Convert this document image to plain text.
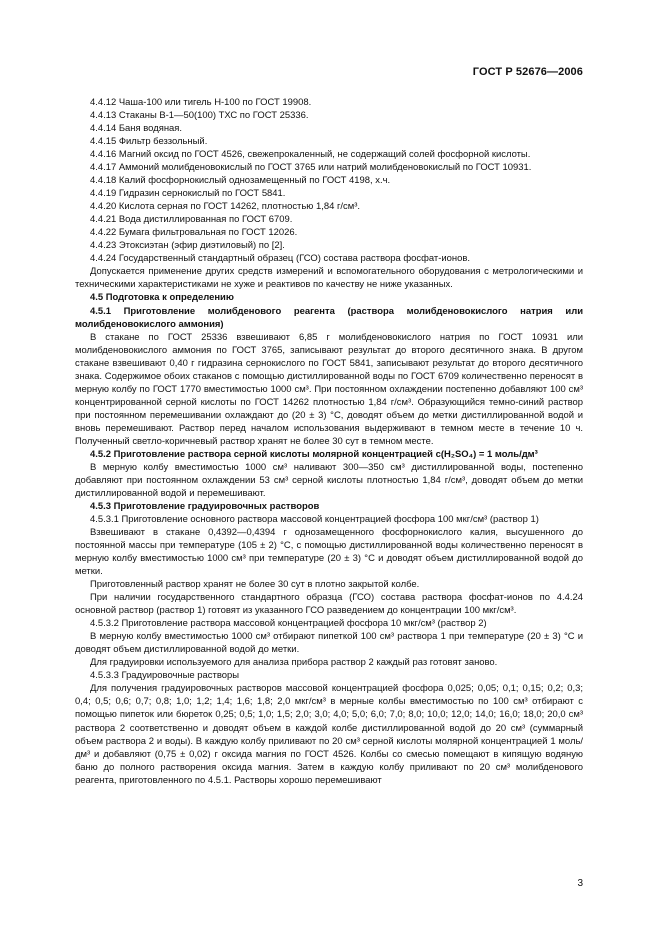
ГОСТ Р 52676—2006

4.4.12 Чаша-100 или тигель Н-100 по ГОСТ 19908.

4.4.13 Стаканы В-1—50(100) ТХС по ГОСТ 25336.

4.4.14 Баня водяная.

4.4.15 Фильтр беззольный.

4.4.16 Магний оксид по ГОСТ 4526, свежепрокаленный, не содержащий солей фосфорной кислоты.

4.4.17 Аммоний молибденовокислый по ГОСТ 3765 или натрий молибденовокислый по ГОСТ 10931.

4.4.18 Калий фосфорнокислый однозамещенный по ГОСТ 4198, х.ч.

4.4.19 Гидразин сернокислый по ГОСТ 5841.

4.4.20 Кислота серная по ГОСТ 14262, плотностью 1,84 г/см³.

4.4.21 Вода дистиллированная по ГОСТ 6709.

4.4.22 Бумага фильтровальная по ГОСТ 12026.

4.4.23 Этоксиэтан (эфир диэтиловый) по [2].

4.4.24 Государственный стандартный образец (ГСО) состава раствора фосфат-ионов.

Допускается применение других средств измерений и вспомогательного оборудования с метрологическими и техническими характеристиками не хуже и реактивов по качеству не ниже указанных.

4.5 Подготовка к определению

4.5.1 Приготовление молибденового реагента (раствора молибденовокислого натрия или молибденовокислого аммония)

В стакане по ГОСТ 25336 взвешивают 6,85 г молибденовокислого натрия по ГОСТ 10931 или молибденовокислого аммония по ГОСТ 3765, записывают результат до второго десятичного знака. В другом стакане взвешивают 0,40 г гидразина сернокислого по ГОСТ 5841, записывают результат до второго десятичного знака. Содержимое обоих стаканов с помощью дистиллированной воды по ГОСТ 6709 количественно переносят в мерную колбу по ГОСТ 1770 вместимостью 1000 см³. При постоянном охлаждении постепенно добавляют 100 см³ концентрированной серной кислоты по ГОСТ 14262 плотностью 1,84 г/см³. Образующийся темно-синий раствор при постоянном перемешивании охлаждают до (20 ± 3) °С, доводят объем до метки дистиллированной водой и вновь перемешивают. Раствор перед началом использования выдерживают в темном месте в течение 10 ч. Полученный светло-коричневый раствор хранят не более 30 сут в темном месте.

4.5.2 Приготовление раствора серной кислоты молярной концентрацией c(H₂SO₄) = 1 моль/дм³

В мерную колбу вместимостью 1000 см³ наливают 300—350 см³ дистиллированной воды, постепенно добавляют при постоянном охлаждении 53 см³ серной кислоты плотностью 1,84 г/см³, доводят объем до метки дистиллированной водой и перемешивают.

4.5.3 Приготовление градуировочных растворов

4.5.3.1 Приготовление основного раствора массовой концентрацией фосфора 100 мкг/см³ (раствор 1)

Взвешивают в стакане 0,4392—0,4394 г однозамещенного фосфорнокислого калия, высушенного до постоянной массы при температуре (105 ± 2) °С, с помощью дистиллированной воды количественно переносят в мерную колбу вместимостью 1000 см³ при температуре (20 ± 3) °С и доводят объем дистиллированной водой до метки.

Приготовленный раствор хранят не более 30 сут в плотно закрытой колбе.

При наличии государственного стандартного образца (ГСО) состава раствора фосфат-ионов по 4.4.24 основной раствор (раствор 1) готовят из указанного ГСО разведением до концентрации 100 мкг/см³.

4.5.3.2 Приготовление раствора массовой концентрацией фосфора 10 мкг/см³ (раствор 2)

В мерную колбу вместимостью 1000 см³ отбирают пипеткой 100 см³ раствора 1 при температуре (20 ± 3) °С и доводят объем дистиллированной водой до метки.

Для градуировки используемого для анализа прибора раствор 2 каждый раз готовят заново.

4.5.3.3 Градуировочные растворы

Для получения градуировочных растворов массовой концентрацией фосфора 0,025; 0,05; 0,1; 0,15; 0,2; 0,3; 0,4; 0,5; 0,6; 0,7; 0,8; 1,0; 1,2; 1,4; 1,6; 1,8; 2,0 мкг/см³ в мерные колбы вместимостью по 100 см³ отбирают с помощью пипеток или бюреток 0,25; 0,5; 1,0; 1,5; 2,0; 3,0; 4,0; 5,0; 6,0; 7,0; 8,0; 10,0; 12,0; 14,0; 16,0; 18,0; 20,0 см³ раствора 2 соответственно и доводят объем в каждой колбе дистиллированной водой до 20 см³ (суммарный объем раствора 2 и воды). В каждую колбу приливают по 20 см³ серной кислоты молярной концентрацией 1 моль/дм³ и добавляют (0,75 ± 0,02) г оксида магния по ГОСТ 4526. Колбы со смесью помещают в кипящую водяную баню до полного растворения оксида магния. Затем в каждую колбу приливают по 20 см³ молибденового реагента, приготовленного по 4.5.1. Растворы хорошо перемешивают

3
